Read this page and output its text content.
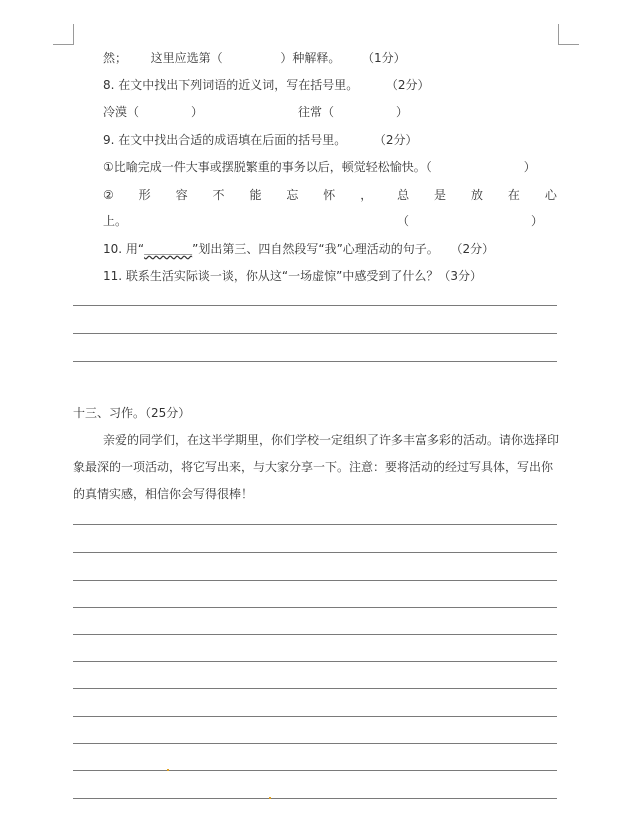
然； 这里应选第（	）种解释。 （1分）
8. 在文中找出下列词语的近义词，写在括号里。 （2分）
冷漠（	）	往常（	）
9. 在文中找出合适的成语填在后面的括号里。 （2分）
①比喻完成一件大事或摆脱繁重的事务以后，顿觉轻松愉快。（	）
② 形 容 不 能 忘 怀 ， 总 是 放 在 心
上。	（	）
10. 用“＿＿＿＿”划出第三、四自然段写“我”心理活动的句子。 （2分）
11. 联系生活实际谈一谈，你从这“一场虚惊”中感受到了什么？（3分）
十三、习作。（25分）
亲爱的同学们，在这半学期里，你们学校一定组织了许多丰富多彩的活动。请你选择印
象最深的一项活动，将它写出来，与大家分享一下。注意：要将活动的经过写具体，写出你
的真情实感，相信你会写得很棒！
